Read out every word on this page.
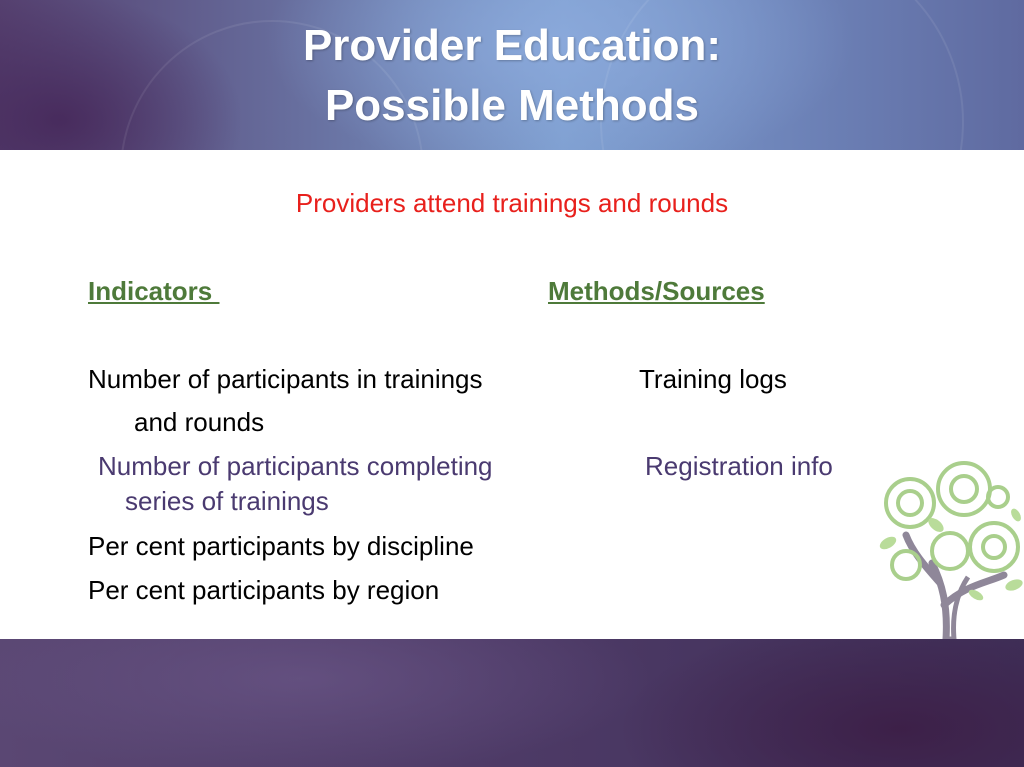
Provider Education:
Possible Methods
Providers attend trainings and rounds
Indicators	Methods/Sources
Number of participants in trainings
and rounds
Training logs
Number of participants completing
series of trainings
Registration info
Per cent participants by discipline
Per cent participants by region
